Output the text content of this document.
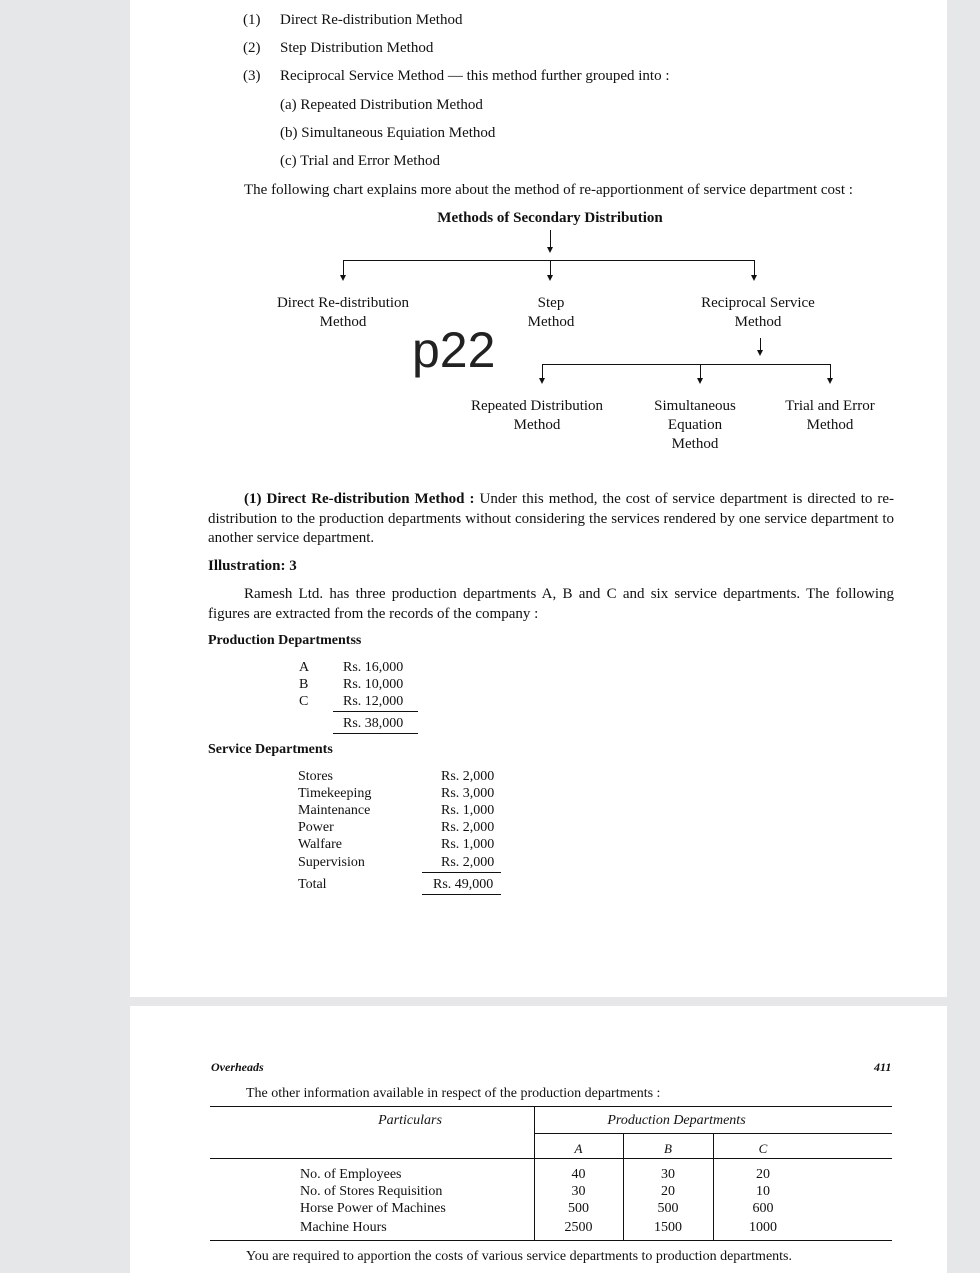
(1) Direct Re-distribution Method
(2) Step Distribution Method
(3) Reciprocal Service Method — this method further grouped into :
(a) Repeated Distribution Method
(b) Simultaneous Equiation Method
(c) Trial and Error Method
The following chart explains more about the method of re-apportionment of service department cost :
Methods of Secondary Distribution
Direct Re-distribution
Method
Step
Method
Reciprocal Service
Method
Repeated Distribution
Method
Simultaneous
Equation
Method
Trial and Error
Method
p22
(1) Direct Re-distribution Method : Under this method, the cost of service department is directed to re-distribution to the production departments without considering the services rendered by one service department to another service department.
Illustration: 3
Ramesh Ltd. has three production departments A, B and C and six service departments. The following figures are extracted from the records of the company :
Production Departmentss
A Rs. 16,000
B Rs. 10,000
C Rs. 12,000
Rs. 38,000
Service Departments
Stores	Rs. 2,000
Timekeeping	Rs. 3,000
Maintenance	Rs. 1,000
Power	Rs. 2,000
Walfare	Rs. 1,000
Supervision	Rs. 2,000
Total	Rs. 49,000
Overheads	411
The other information available in respect of the production departments :
Particulars	Production Departments
A	B	C
No. of Employees	40	30	20
No. of Stores Requisition	30	20	10
Horse Power of Machines	500	500	600
Machine Hours	2500	1500	1000
You are required to apportion the costs of various service departments to production departments.
